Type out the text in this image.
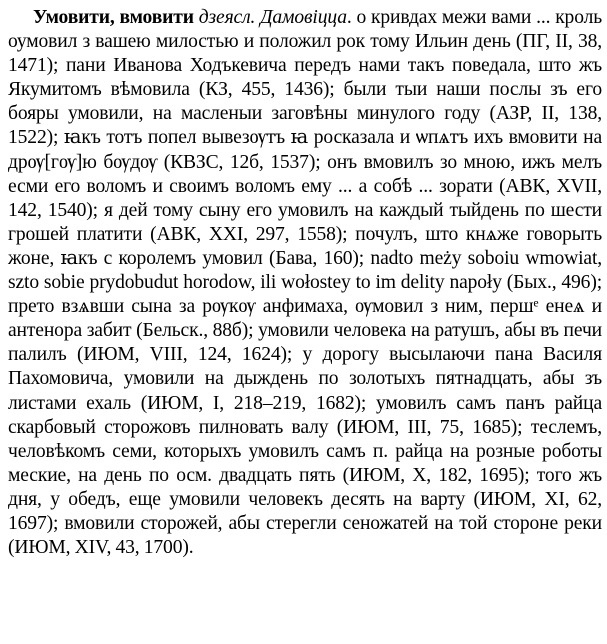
Умовити, вмовити дзеясл. Дамовіцца. о кривдах межи вами ... кроль оумовил з вашею милостью и положил рок тому Ильин день (ПГ, II, 38, 1471); пани Иванова Ходъкевича передъ нами такъ поведала, што жъ Якумитомъ вѣмовила (КЗ, 455, 1436); были тыи наши послы зъ его бояры умовили, на масленыи заговѣны минулого году (АЗР, II, 138, 1522); ꙗкъ тотъ попел вывезѹтъ ꙗ росказала и ѡпѧтъ ихъ вмовити на дрѹ[гѹ]ю бѹдѹ (КВЗС, 12б, 1537); онъ вмовилъ зо мною, ижъ мелъ есми его воломъ и своимъ воломъ ему ... а собѣ ... зорати (АВК, XVII, 142, 1540); я дей тому сыну его умовилъ на каждый тыйдень по шести грошей платити (АВК, XXI, 297, 1558); почулъ, што кнѧже говорыть жоне, ꙗкъ с королемъ умовил (Бава, 160); nadto meży soboiu wmowiat, szto sobie prydobudut horodow, ili wołostey to im delity napoły (Бых., 496); прето взѧвши сына за рѹкѹ анфимаха, ѹмовил з ним, першᵉ енеѧ и антенора забит (Бельск., 88б); умовили человека на ратушъ, абы въ печи палилъ (ИЮМ, VIII, 124, 1624); у дорогу высылаючи пана Василя Пахомовича, умовили на дыждень по золотыхъ пятнадцать, абы зъ листами ехаль (ИЮМ, I, 218–219, 1682); умовилъ самъ панъ райца скарбовый сторожовъ пилновать валу (ИЮМ, III, 75, 1685); теслемъ, человѣкомъ семи, которыхъ умовилъ самъ п. райца на розные роботы меские, на день по осм. двадцать пять (ИЮМ, X, 182, 1695); того жъ дня, у обедъ, еще умовили человекъ десять на варту (ИЮМ, XI, 62, 1697); вмовили сторожей, абы стерегли сеножатей на той стороне реки (ИЮМ, XIV, 43, 1700).
